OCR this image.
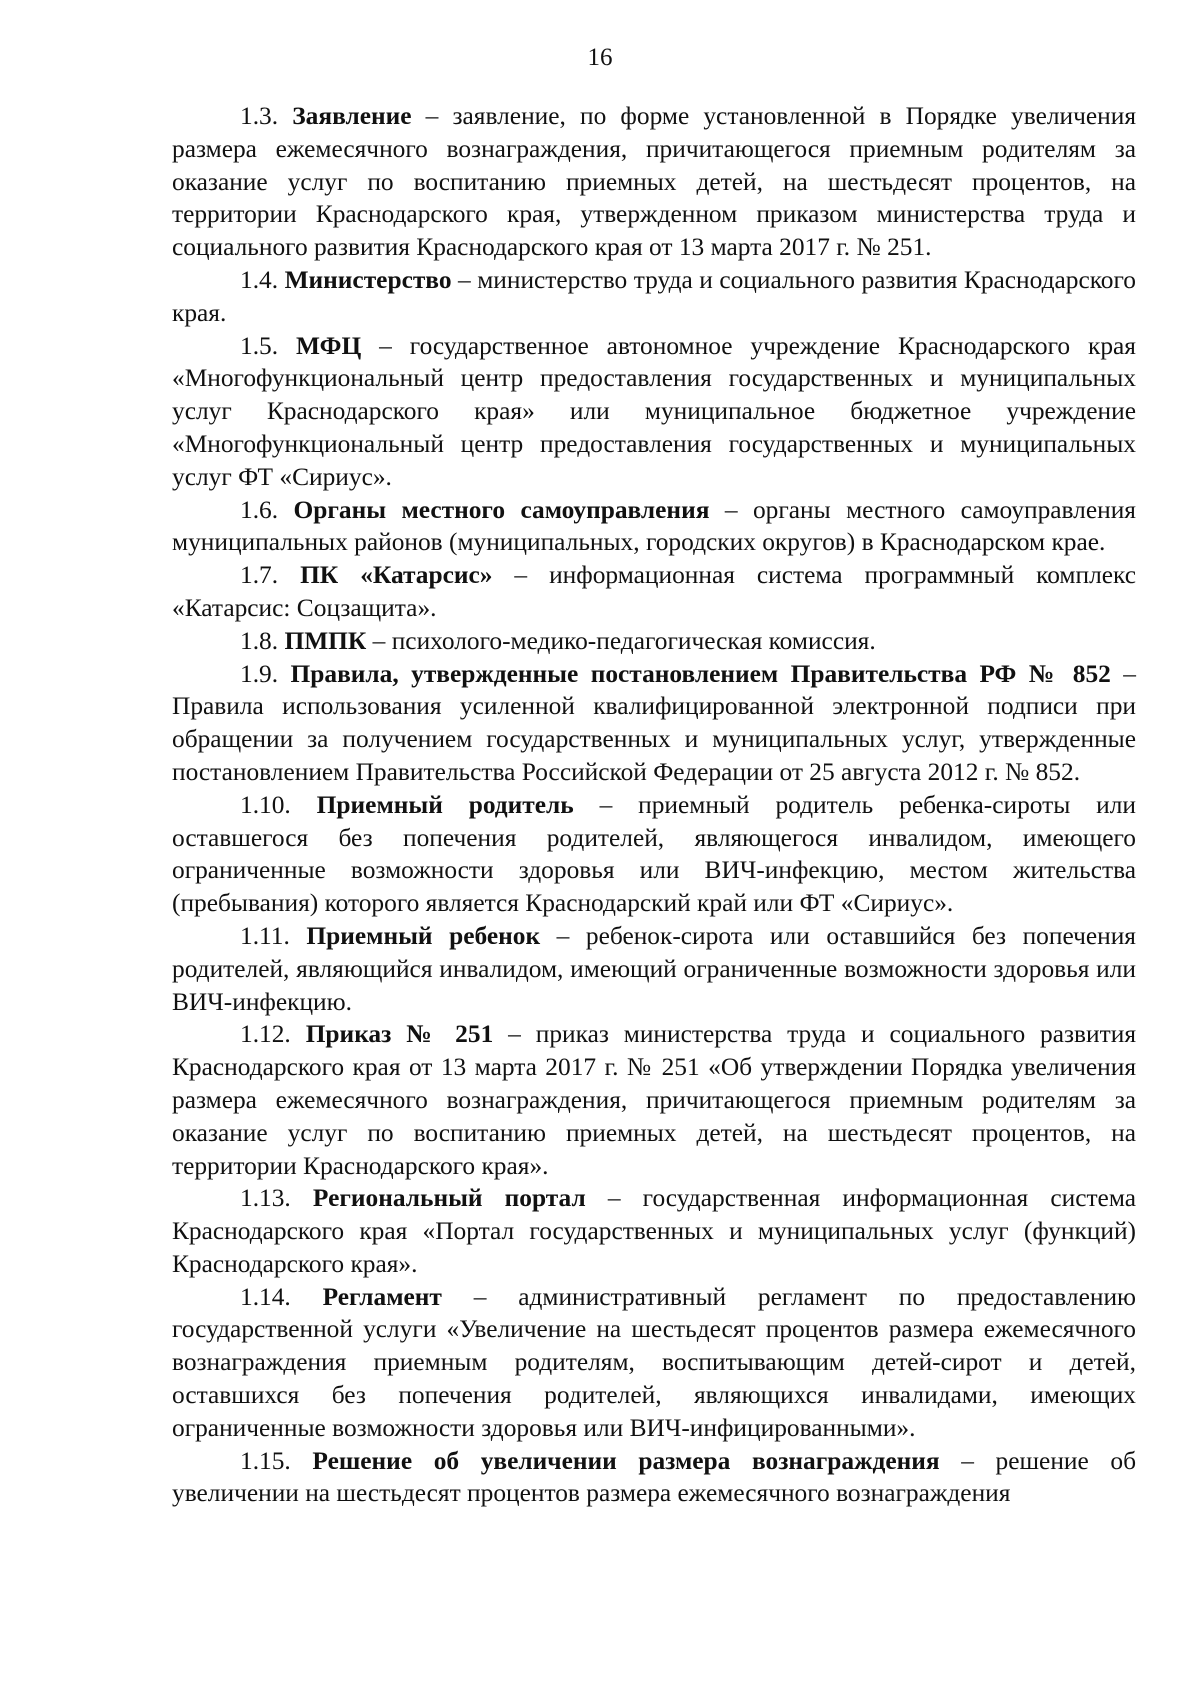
16

1.3. Заявление – заявление, по форме установленной в Порядке увеличения размера ежемесячного вознаграждения, причитающегося приемным родителям за оказание услуг по воспитанию приемных детей, на шестьдесят процентов, на территории Краснодарского края, утвержденном приказом министерства труда и социального развития Краснодарского края от 13 марта 2017 г. № 251.

1.4. Министерство – министерство труда и социального развития Краснодарского края.

1.5. МФЦ – государственное автономное учреждение Краснодарского края «Многофункциональный центр предоставления государственных и муниципальных услуг Краснодарского края» или муниципальное бюджетное учреждение «Многофункциональный центр предоставления государственных и муниципальных услуг ФТ «Сириус».

1.6. Органы местного самоуправления – органы местного самоуправления муниципальных районов (муниципальных, городских округов) в Краснодарском крае.

1.7. ПК «Катарсис» – информационная система программный комплекс «Катарсис: Соцзащита».

1.8. ПМПК – психолого-медико-педагогическая комиссия.

1.9. Правила, утвержденные постановлением Правительства РФ № 852 – Правила использования усиленной квалифицированной электронной подписи при обращении за получением государственных и муниципальных услуг, утвержденные постановлением Правительства Российской Федерации от 25 августа 2012 г. № 852.

1.10. Приемный родитель – приемный родитель ребенка-сироты или оставшегося без попечения родителей, являющегося инвалидом, имеющего ограниченные возможности здоровья или ВИЧ-инфекцию, местом жительства (пребывания) которого является Краснодарский край или ФТ «Сириус».

1.11. Приемный ребенок – ребенок-сирота или оставшийся без попечения родителей, являющийся инвалидом, имеющий ограниченные возможности здоровья или ВИЧ-инфекцию.

1.12. Приказ № 251 – приказ министерства труда и социального развития Краснодарского края от 13 марта 2017 г. № 251 «Об утверждении Порядка увеличения размера ежемесячного вознаграждения, причитающегося приемным родителям за оказание услуг по воспитанию приемных детей, на шестьдесят процентов, на территории Краснодарского края».

1.13. Региональный портал – государственная информационная система Краснодарского края «Портал государственных и муниципальных услуг (функций) Краснодарского края».

1.14. Регламент – административный регламент по предоставлению государственной услуги «Увеличение на шестьдесят процентов размера ежемесячного вознаграждения приемным родителям, воспитывающим детей-сирот и детей, оставшихся без попечения родителей, являющихся инвалидами, имеющих ограниченные возможности здоровья или ВИЧ-инфицированными».

1.15. Решение об увеличении размера вознаграждения – решение об увеличении на шестьдесят процентов размера ежемесячного вознаграждения
